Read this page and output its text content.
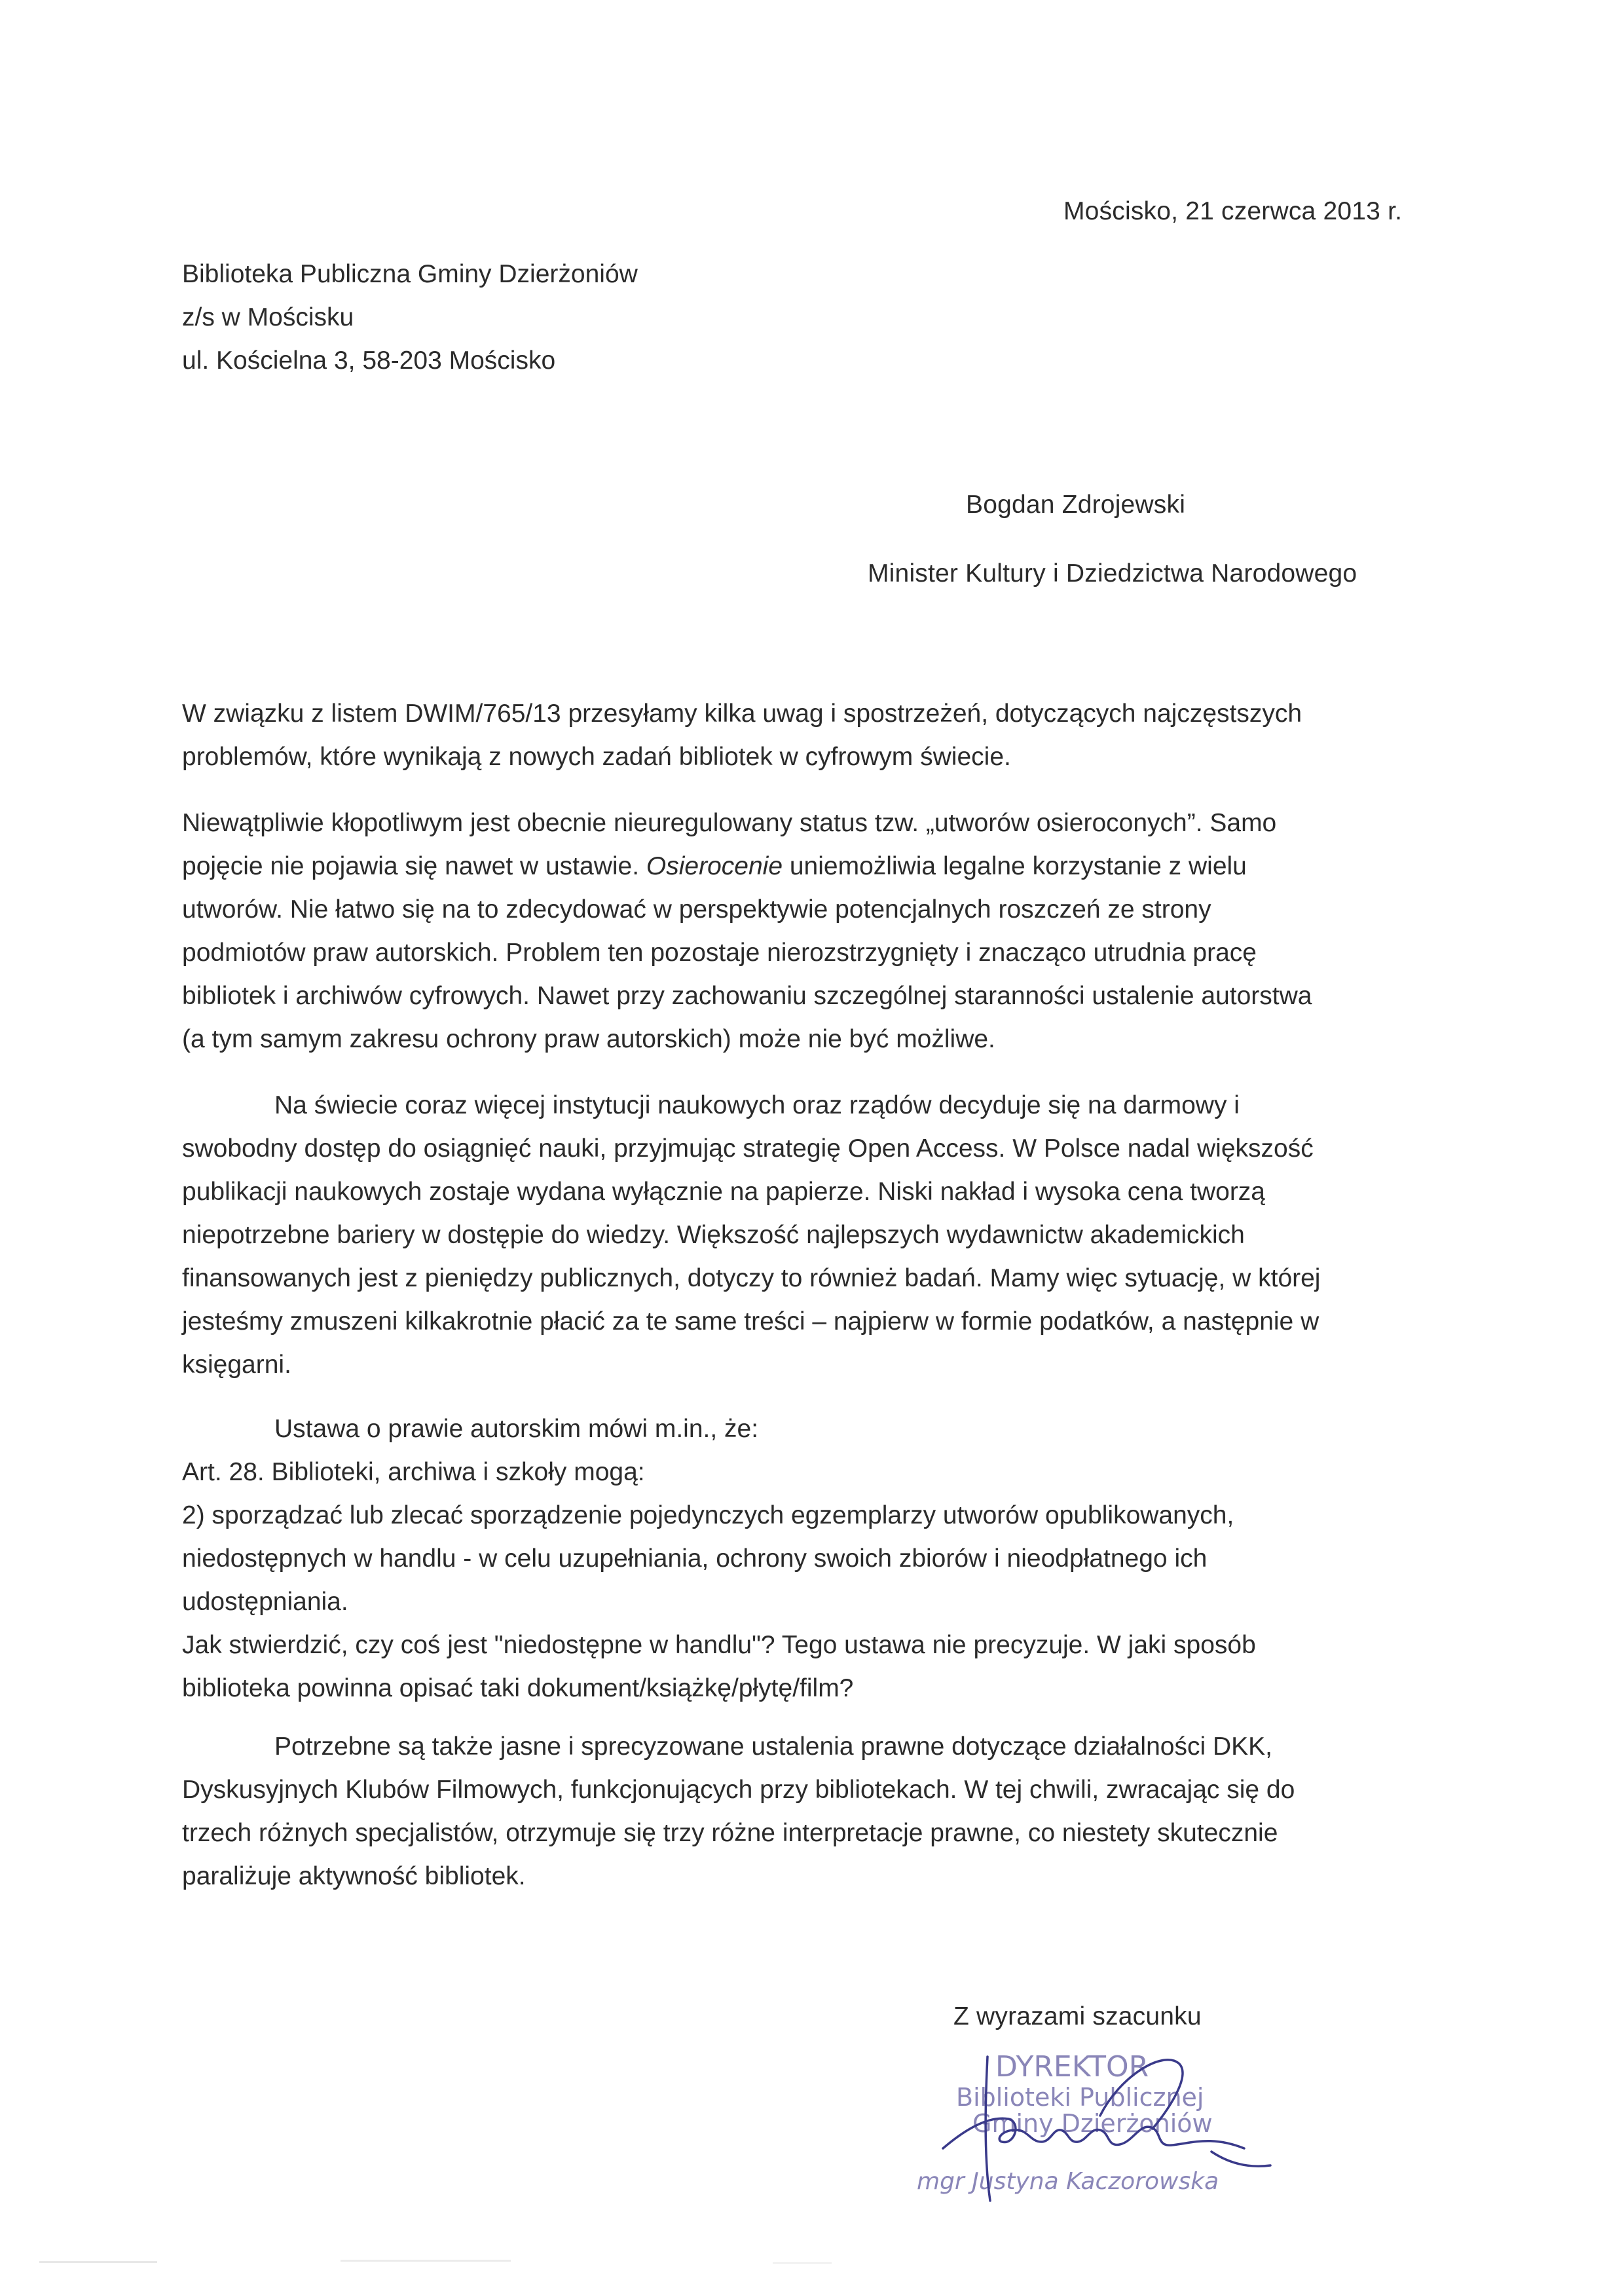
Mościsko, 21 czerwca 2013 r.
Biblioteka Publiczna Gminy Dzierżoniów
z/s w Mościsku
ul. Kościelna 3, 58-203 Mościsko
Bogdan Zdrojewski
Minister Kultury i Dziedzictwa Narodowego
W związku z listem DWIM/765/13 przesyłamy kilka uwag i spostrzeżeń, dotyczących najczęstszych
problemów, które wynikają z nowych zadań bibliotek w cyfrowym świecie.
Niewątpliwie kłopotliwym jest obecnie nieuregulowany status tzw. „utworów osieroconych”. Samo
pojęcie nie pojawia się nawet w ustawie. Osierocenie uniemożliwia legalne korzystanie z wielu
utworów. Nie łatwo się na to zdecydować w perspektywie potencjalnych roszczeń ze strony
podmiotów praw autorskich. Problem ten pozostaje nierozstrzygnięty i znacząco utrudnia pracę
bibliotek i archiwów cyfrowych. Nawet przy zachowaniu szczególnej staranności ustalenie autorstwa
(a tym samym zakresu ochrony praw autorskich) może nie być możliwe.
Na świecie coraz więcej instytucji naukowych oraz rządów decyduje się na darmowy i
swobodny dostęp do osiągnięć nauki, przyjmując strategię Open Access. W Polsce nadal większość
publikacji naukowych zostaje wydana wyłącznie na papierze. Niski nakład i wysoka cena tworzą
niepotrzebne bariery w dostępie do wiedzy. Większość najlepszych wydawnictw akademickich
finansowanych jest z pieniędzy publicznych, dotyczy to również badań. Mamy więc sytuację, w której
jesteśmy zmuszeni kilkakrotnie płacić za te same treści – najpierw w formie podatków, a następnie w
księgarni.
Ustawa o prawie autorskim mówi m.in., że:
Art. 28. Biblioteki, archiwa i szkoły mogą:
2) sporządzać lub zlecać sporządzenie pojedynczych egzemplarzy utworów opublikowanych,
niedostępnych w handlu - w celu uzupełniania, ochrony swoich zbiorów i nieodpłatnego ich
udostępniania.
Jak stwierdzić, czy coś jest "niedostępne w handlu"? Tego ustawa nie precyzuje. W jaki sposób
biblioteka powinna opisać taki dokument/książkę/płytę/film?
Potrzebne są także jasne i sprecyzowane ustalenia prawne dotyczące działalności DKK,
Dyskusyjnych Klubów Filmowych, funkcjonujących przy bibliotekach. W tej chwili, zwracając się do
trzech różnych specjalistów, otrzymuje się trzy różne interpretacje prawne, co niestety skutecznie
paraliżuje aktywność bibliotek.
Z wyrazami szacunku
DYREKTOR
Biblioteki Publicznej
Gminy Dzierżoniów
mgr Justyna Kaczorowska
